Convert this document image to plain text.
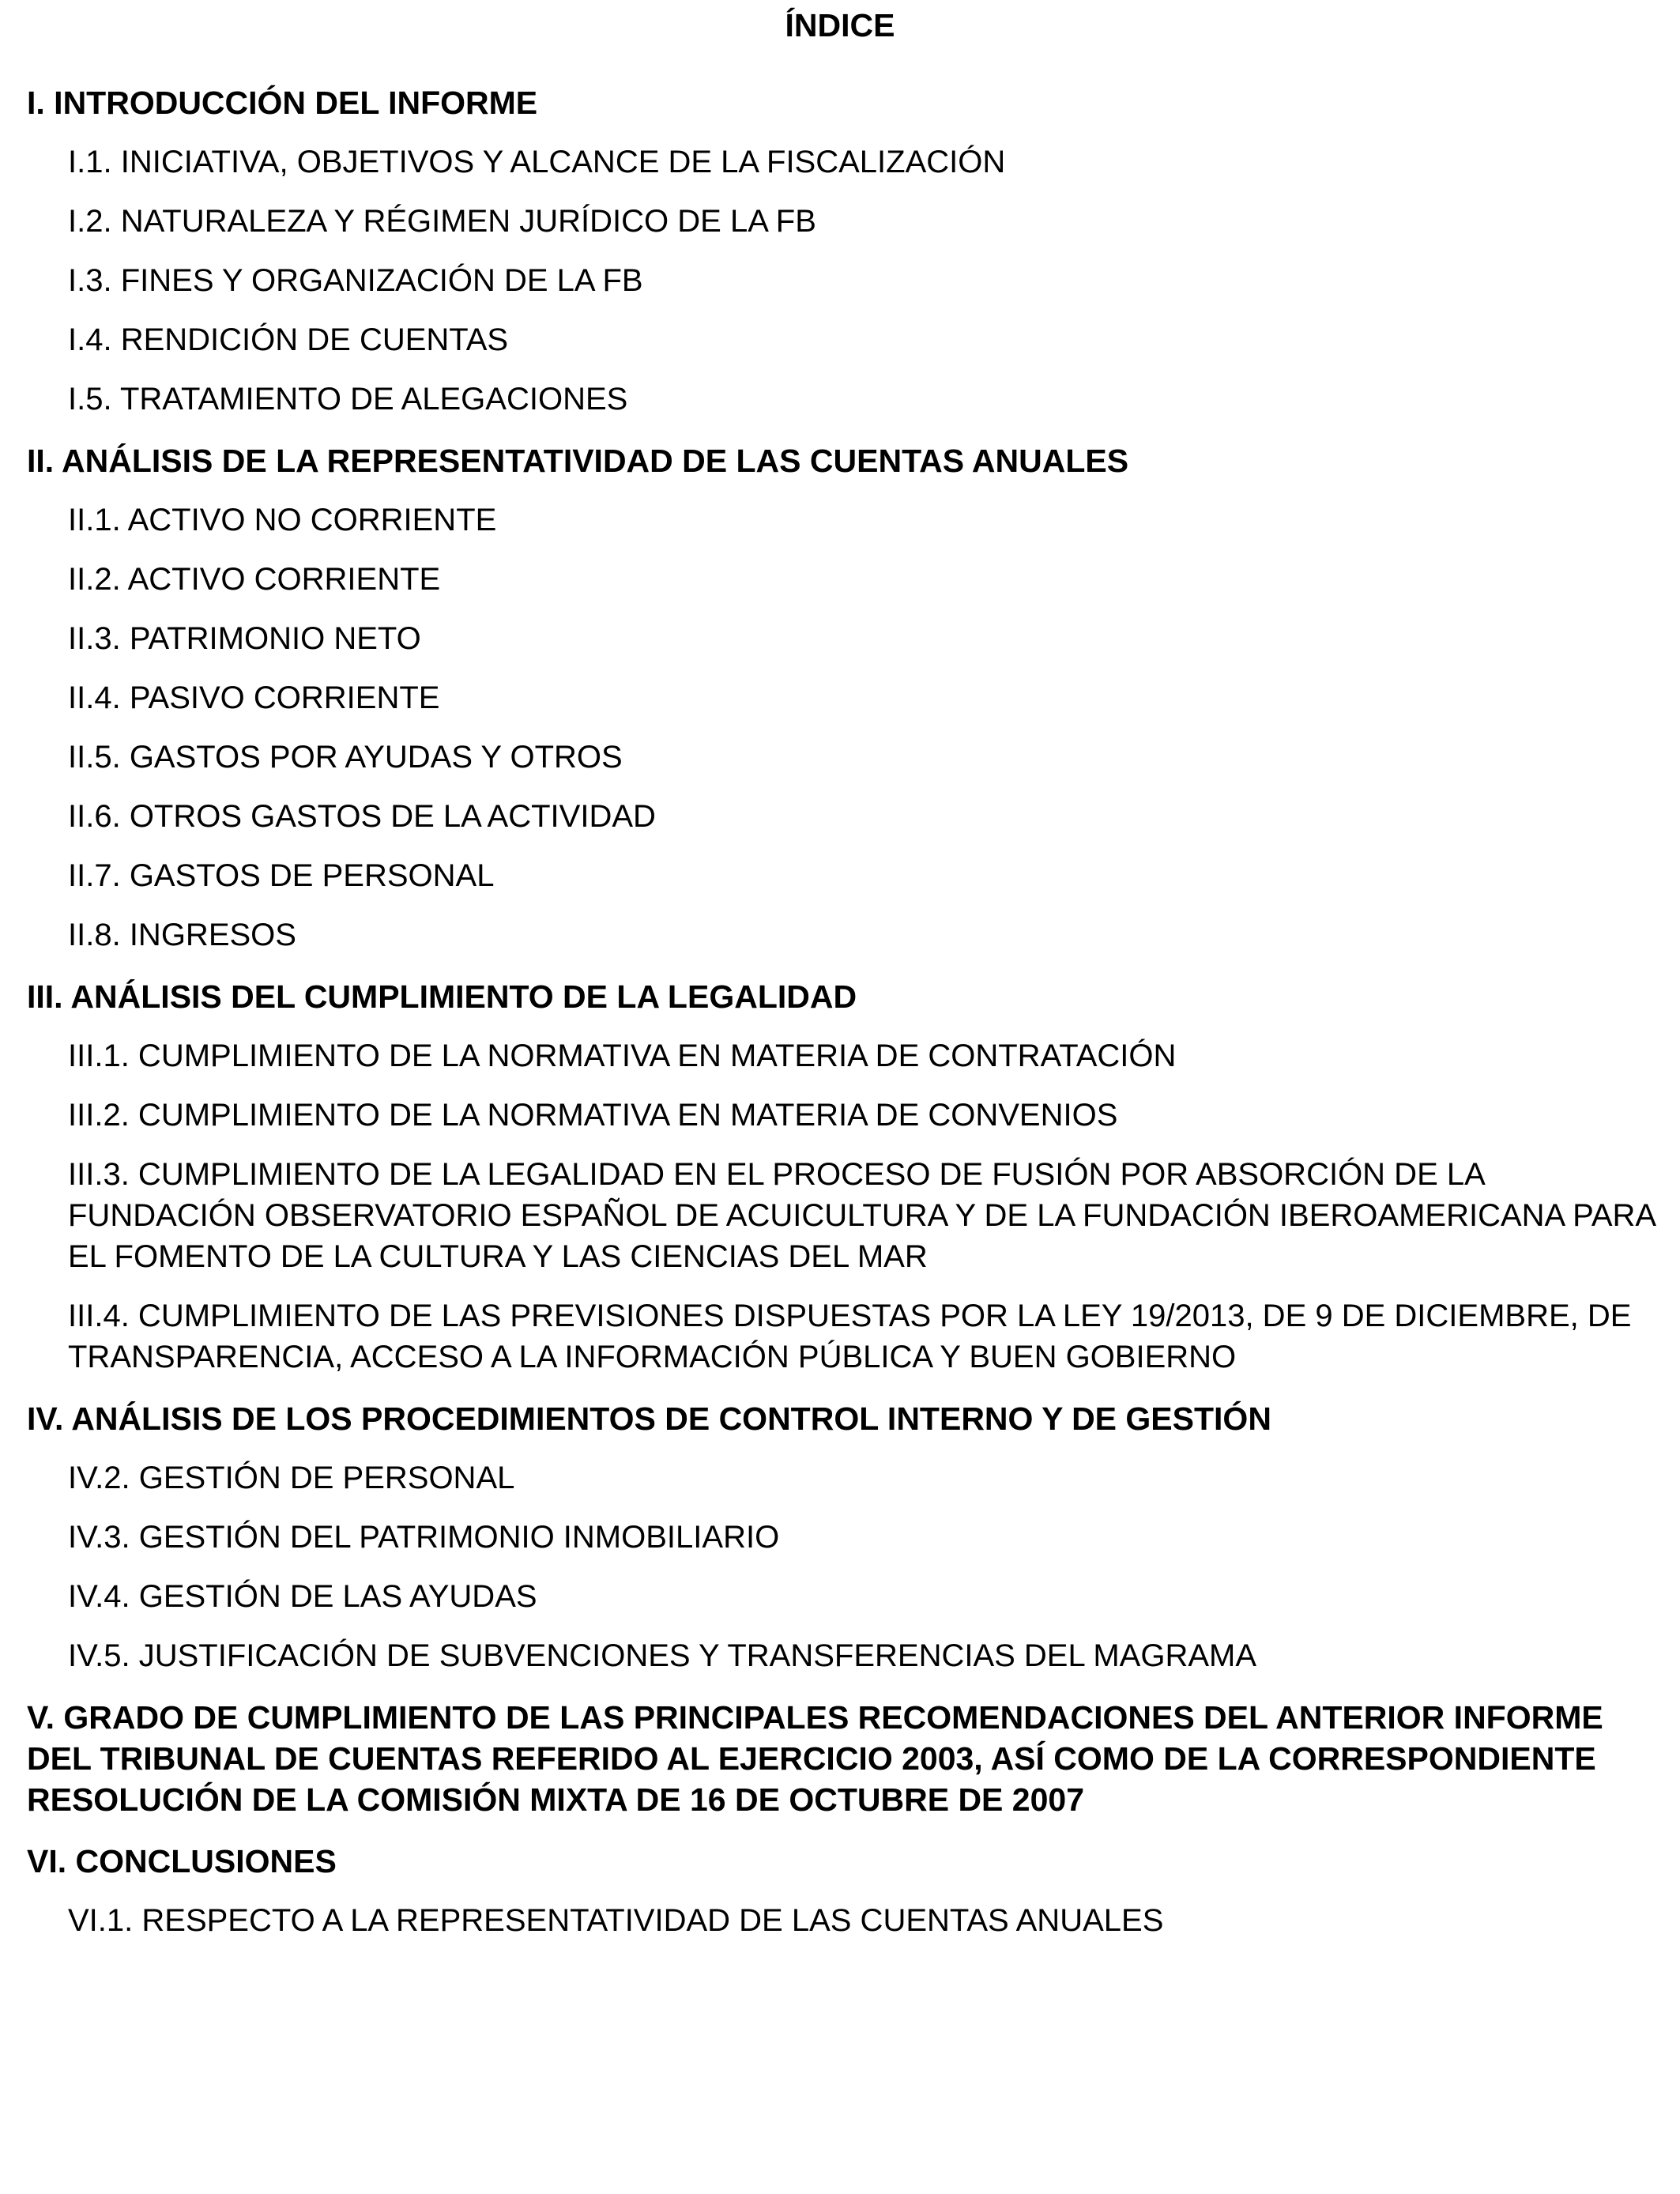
ÍNDICE
I. INTRODUCCIÓN DEL INFORME
I.1. INICIATIVA, OBJETIVOS Y ALCANCE DE LA FISCALIZACIÓN
I.2. NATURALEZA Y RÉGIMEN JURÍDICO DE LA FB
I.3. FINES Y ORGANIZACIÓN DE LA FB
I.4. RENDICIÓN DE CUENTAS
I.5. TRATAMIENTO DE ALEGACIONES
II. ANÁLISIS DE LA REPRESENTATIVIDAD DE LAS CUENTAS ANUALES
II.1. ACTIVO NO CORRIENTE
II.2. ACTIVO CORRIENTE
II.3. PATRIMONIO NETO
II.4. PASIVO CORRIENTE
II.5. GASTOS POR AYUDAS Y OTROS
II.6. OTROS GASTOS DE LA ACTIVIDAD
II.7. GASTOS DE PERSONAL
II.8. INGRESOS
III. ANÁLISIS DEL CUMPLIMIENTO DE LA LEGALIDAD
III.1. CUMPLIMIENTO DE LA NORMATIVA EN MATERIA DE CONTRATACIÓN
III.2. CUMPLIMIENTO DE LA NORMATIVA EN MATERIA DE CONVENIOS
III.3. CUMPLIMIENTO DE LA LEGALIDAD EN EL PROCESO DE FUSIÓN POR ABSORCIÓN DE LA FUNDACIÓN OBSERVATORIO ESPAÑOL DE ACUICULTURA Y DE LA FUNDACIÓN IBEROAMERICANA PARA EL FOMENTO DE LA CULTURA Y LAS CIENCIAS DEL MAR
III.4. CUMPLIMIENTO DE LAS PREVISIONES DISPUESTAS POR LA LEY 19/2013, DE 9 DE DICIEMBRE, DE TRANSPARENCIA, ACCESO A LA INFORMACIÓN PÚBLICA Y BUEN GOBIERNO
IV. ANÁLISIS DE LOS PROCEDIMIENTOS DE CONTROL INTERNO Y DE GESTIÓN
IV.2. GESTIÓN DE PERSONAL
IV.3. GESTIÓN DEL PATRIMONIO INMOBILIARIO
IV.4. GESTIÓN DE LAS AYUDAS
IV.5. JUSTIFICACIÓN DE SUBVENCIONES Y TRANSFERENCIAS DEL MAGRAMA
V. GRADO DE CUMPLIMIENTO DE LAS PRINCIPALES RECOMENDACIONES DEL ANTERIOR INFORME DEL TRIBUNAL DE CUENTAS REFERIDO AL EJERCICIO 2003, ASÍ COMO DE LA CORRESPONDIENTE RESOLUCIÓN DE LA COMISIÓN MIXTA DE 16 DE OCTUBRE DE 2007
VI. CONCLUSIONES
VI.1. RESPECTO A LA REPRESENTATIVIDAD DE LAS CUENTAS ANUALES
